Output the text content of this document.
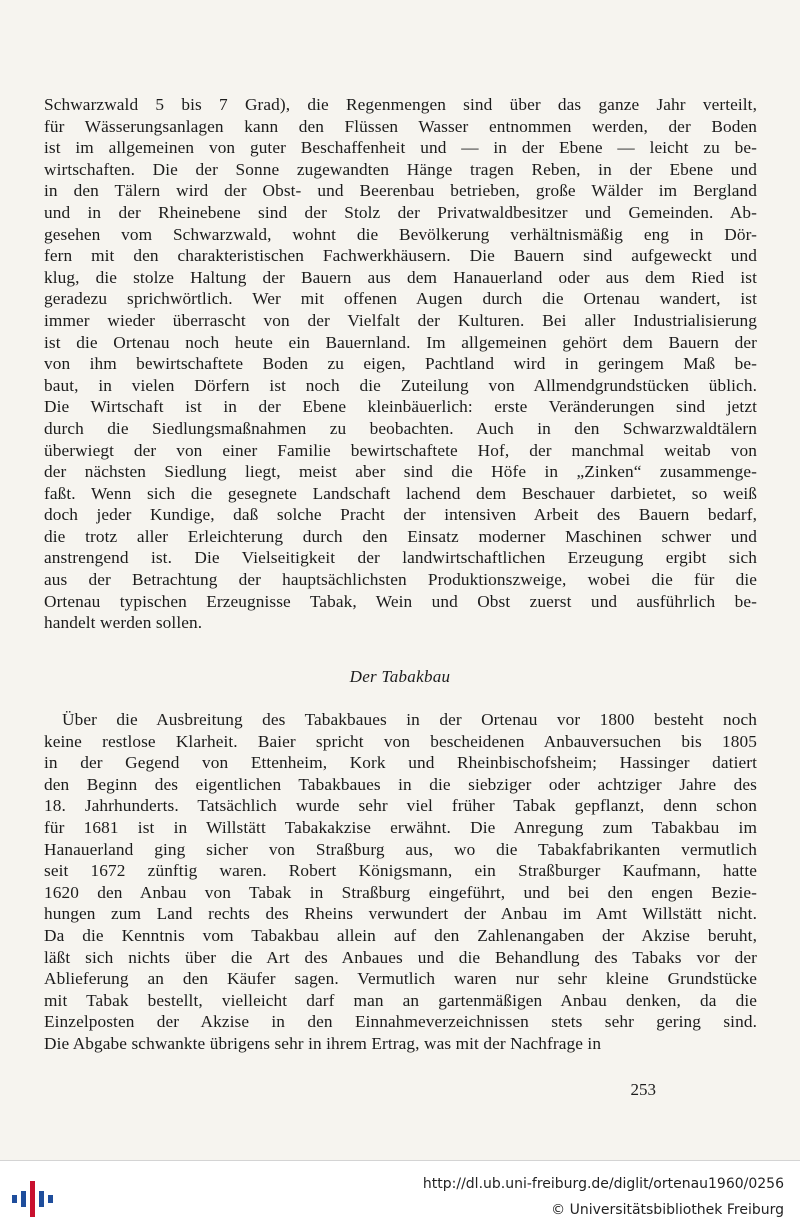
Schwarzwald 5 bis 7 Grad), die Regenmengen sind über das ganze Jahr verteilt,
für Wässerungsanlagen kann den Flüssen Wasser entnommen werden, der Boden
ist im allgemeinen von guter Beschaffenheit und — in der Ebene — leicht zu be-
wirtschaften. Die der Sonne zugewandten Hänge tragen Reben, in der Ebene und
in den Tälern wird der Obst- und Beerenbau betrieben, große Wälder im Bergland
und in der Rheinebene sind der Stolz der Privatwaldbesitzer und Gemeinden. Ab-
gesehen vom Schwarzwald, wohnt die Bevölkerung verhältnismäßig eng in Dör-
fern mit den charakteristischen Fachwerkhäusern. Die Bauern sind aufgeweckt und
klug, die stolze Haltung der Bauern aus dem Hanauerland oder aus dem Ried ist
geradezu sprichwörtlich. Wer mit offenen Augen durch die Ortenau wandert, ist
immer wieder überrascht von der Vielfalt der Kulturen. Bei aller Industrialisierung
ist die Ortenau noch heute ein Bauernland. Im allgemeinen gehört dem Bauern der
von ihm bewirtschaftete Boden zu eigen, Pachtland wird in geringem Maß be-
baut, in vielen Dörfern ist noch die Zuteilung von Allmendgrundstücken üblich.
Die Wirtschaft ist in der Ebene kleinbäuerlich: erste Veränderungen sind jetzt
durch die Siedlungsmaßnahmen zu beobachten. Auch in den Schwarzwaldtälern
überwiegt der von einer Familie bewirtschaftete Hof, der manchmal weitab von
der nächsten Siedlung liegt, meist aber sind die Höfe in „Zinken“ zusammenge-
faßt. Wenn sich die gesegnete Landschaft lachend dem Beschauer darbietet, so weiß
doch jeder Kundige, daß solche Pracht der intensiven Arbeit des Bauern bedarf,
die trotz aller Erleichterung durch den Einsatz moderner Maschinen schwer und
anstrengend ist. Die Vielseitigkeit der landwirtschaftlichen Erzeugung ergibt sich
aus der Betrachtung der hauptsächlichsten Produktionszweige, wobei die für die
Ortenau typischen Erzeugnisse Tabak, Wein und Obst zuerst und ausführlich be-
handelt werden sollen.
Der Tabakbau
Über die Ausbreitung des Tabakbaues in der Ortenau vor 1800 besteht noch
keine restlose Klarheit. Baier spricht von bescheidenen Anbauversuchen bis 1805
in der Gegend von Ettenheim, Kork und Rheinbischofsheim; Hassinger datiert
den Beginn des eigentlichen Tabakbaues in die siebziger oder achtziger Jahre des
18. Jahrhunderts. Tatsächlich wurde sehr viel früher Tabak gepflanzt, denn schon
für 1681 ist in Willstätt Tabakakzise erwähnt. Die Anregung zum Tabakbau im
Hanauerland ging sicher von Straßburg aus, wo die Tabakfabrikanten vermutlich
seit 1672 zünftig waren. Robert Königsmann, ein Straßburger Kaufmann, hatte
1620 den Anbau von Tabak in Straßburg eingeführt, und bei den engen Bezie-
hungen zum Land rechts des Rheins verwundert der Anbau im Amt Willstätt nicht.
Da die Kenntnis vom Tabakbau allein auf den Zahlenangaben der Akzise beruht,
läßt sich nichts über die Art des Anbaues und die Behandlung des Tabaks vor der
Ablieferung an den Käufer sagen. Vermutlich waren nur sehr kleine Grundstücke
mit Tabak bestellt, vielleicht darf man an gartenmäßigen Anbau denken, da die
Einzelposten der Akzise in den Einnahmeverzeichnissen stets sehr gering sind.
Die Abgabe schwankte übrigens sehr in ihrem Ertrag, was mit der Nachfrage in
253
http://dl.ub.uni-freiburg.de/diglit/ortenau1960/0256
© Universitätsbibliothek Freiburg
